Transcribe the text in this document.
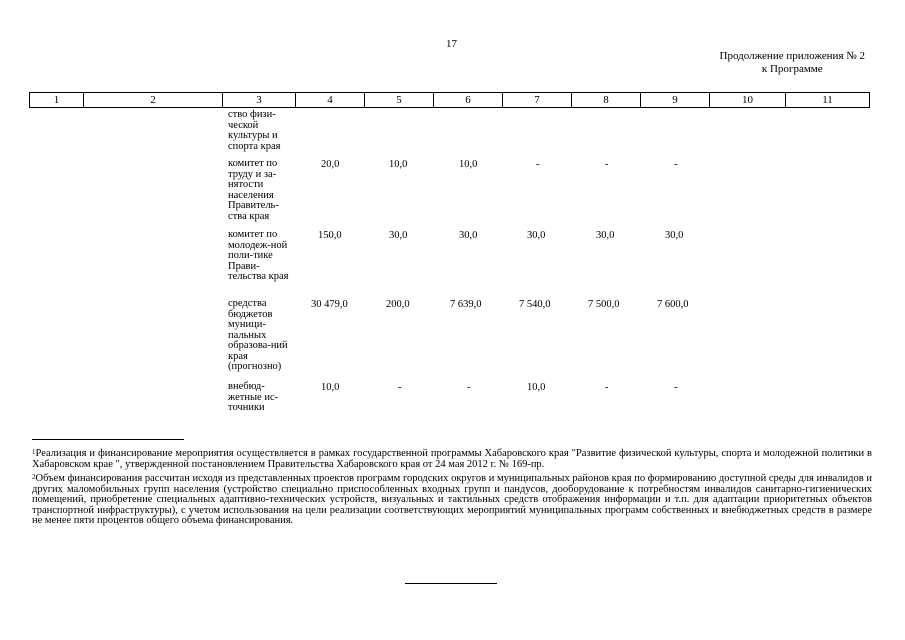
17
Продолжение приложения № 2
к Программе
1	2	3	4	5	6	7	8	9	10	11
ство физи-ческой культуры и спорта края
комитет по труду и за-нятости населения Правитель-ства края
20,0	10,0	10,0	-	-	-
комитет по молодеж-ной поли-тике Прави-тельства края
150,0	30,0	30,0	30,0	30,0	30,0
средства бюджетов муници-пальных образова-ний края (прогнозно)
30 479,0	200,0	7 639,0	7 540,0	7 500,0	7 600,0
внебюд-жетные ис-точники
10,0	-	-	10,0	-	-
$^1$Реализация и финансирование мероприятия осуществляется в рамках государственной программы Хабаровского края "Развитие физической культуры, спорта и молодежной политики в Хабаровском крае ", утвержденной постановлением Правительства Хабаровского края от 24 мая 2012 г. № 169-пр.
$^2$Объем финансирования рассчитан исходя из представленных проектов программ городских округов и муниципальных районов края по формированию доступной среды для инвалидов и других маломобильных групп населения (устройство специально приспособленных входных групп и пандусов, дооборудование к потребностям инвалидов санитарно-гигиенических помещений, приобретение специальных адаптивно-технических устройств, визуальных и тактильных средств отображения информации и т.п. для адаптации приоритетных объектов транспортной инфраструктуры), с учетом использования на цели реализации соответствующих мероприятий муниципальных программ собственных и внебюджетных средств в размере не менее пяти процентов общего объема финансирования.
